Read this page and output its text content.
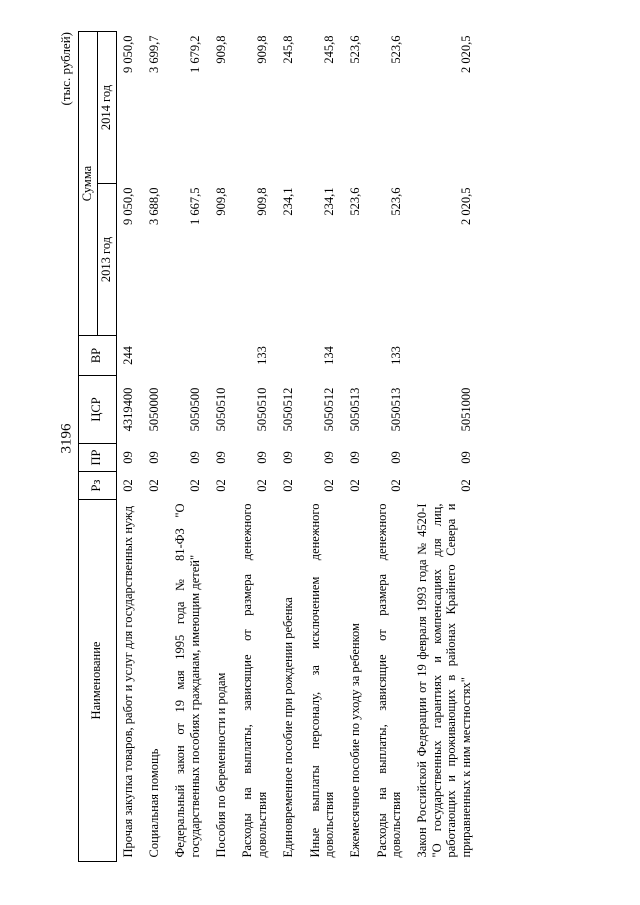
3196
(тыс. рублей)
Наименование	Рз	ПР	ЦСР	ВР	Сумма	
					2013 год	2014 год
Прочая закупка товаров, работ и услуг для государственных нужд	02	09	4319400	244	9 050,0	9 050,0
Социальная помощь	02	09	5050000		3 688,0	3 699,7
Федеральный закон от 19 мая 1995 года № 81-ФЗ "О государственных пособиях гражданам, имеющим детей"	02	09	5050500		1 667,5	1 679,2
Пособия по беременности и родам	02	09	5050510		909,8	909,8
Расходы на выплаты, зависящие от размера денежного довольствия	02	09	5050510	133	909,8	909,8
Единовременное пособие при рождении ребенка	02	09	5050512		234,1	245,8
Иные выплаты персоналу, за исключением денежного довольствия	02	09	5050512	134	234,1	245,8
Ежемесячное пособие по уходу за ребенком	02	09	5050513		523,6	523,6
Расходы на выплаты, зависящие от размера денежного довольствия	02	09	5050513	133	523,6	523,6
Закон Российской Федерации от 19 февраля 1993 года № 4520-I "О государственных гарантиях и компенсациях для лиц, работающих и проживающих в районах Крайнего Севера и приравненных к ним местностях"	02	09	5051000		2 020,5	2 020,5
